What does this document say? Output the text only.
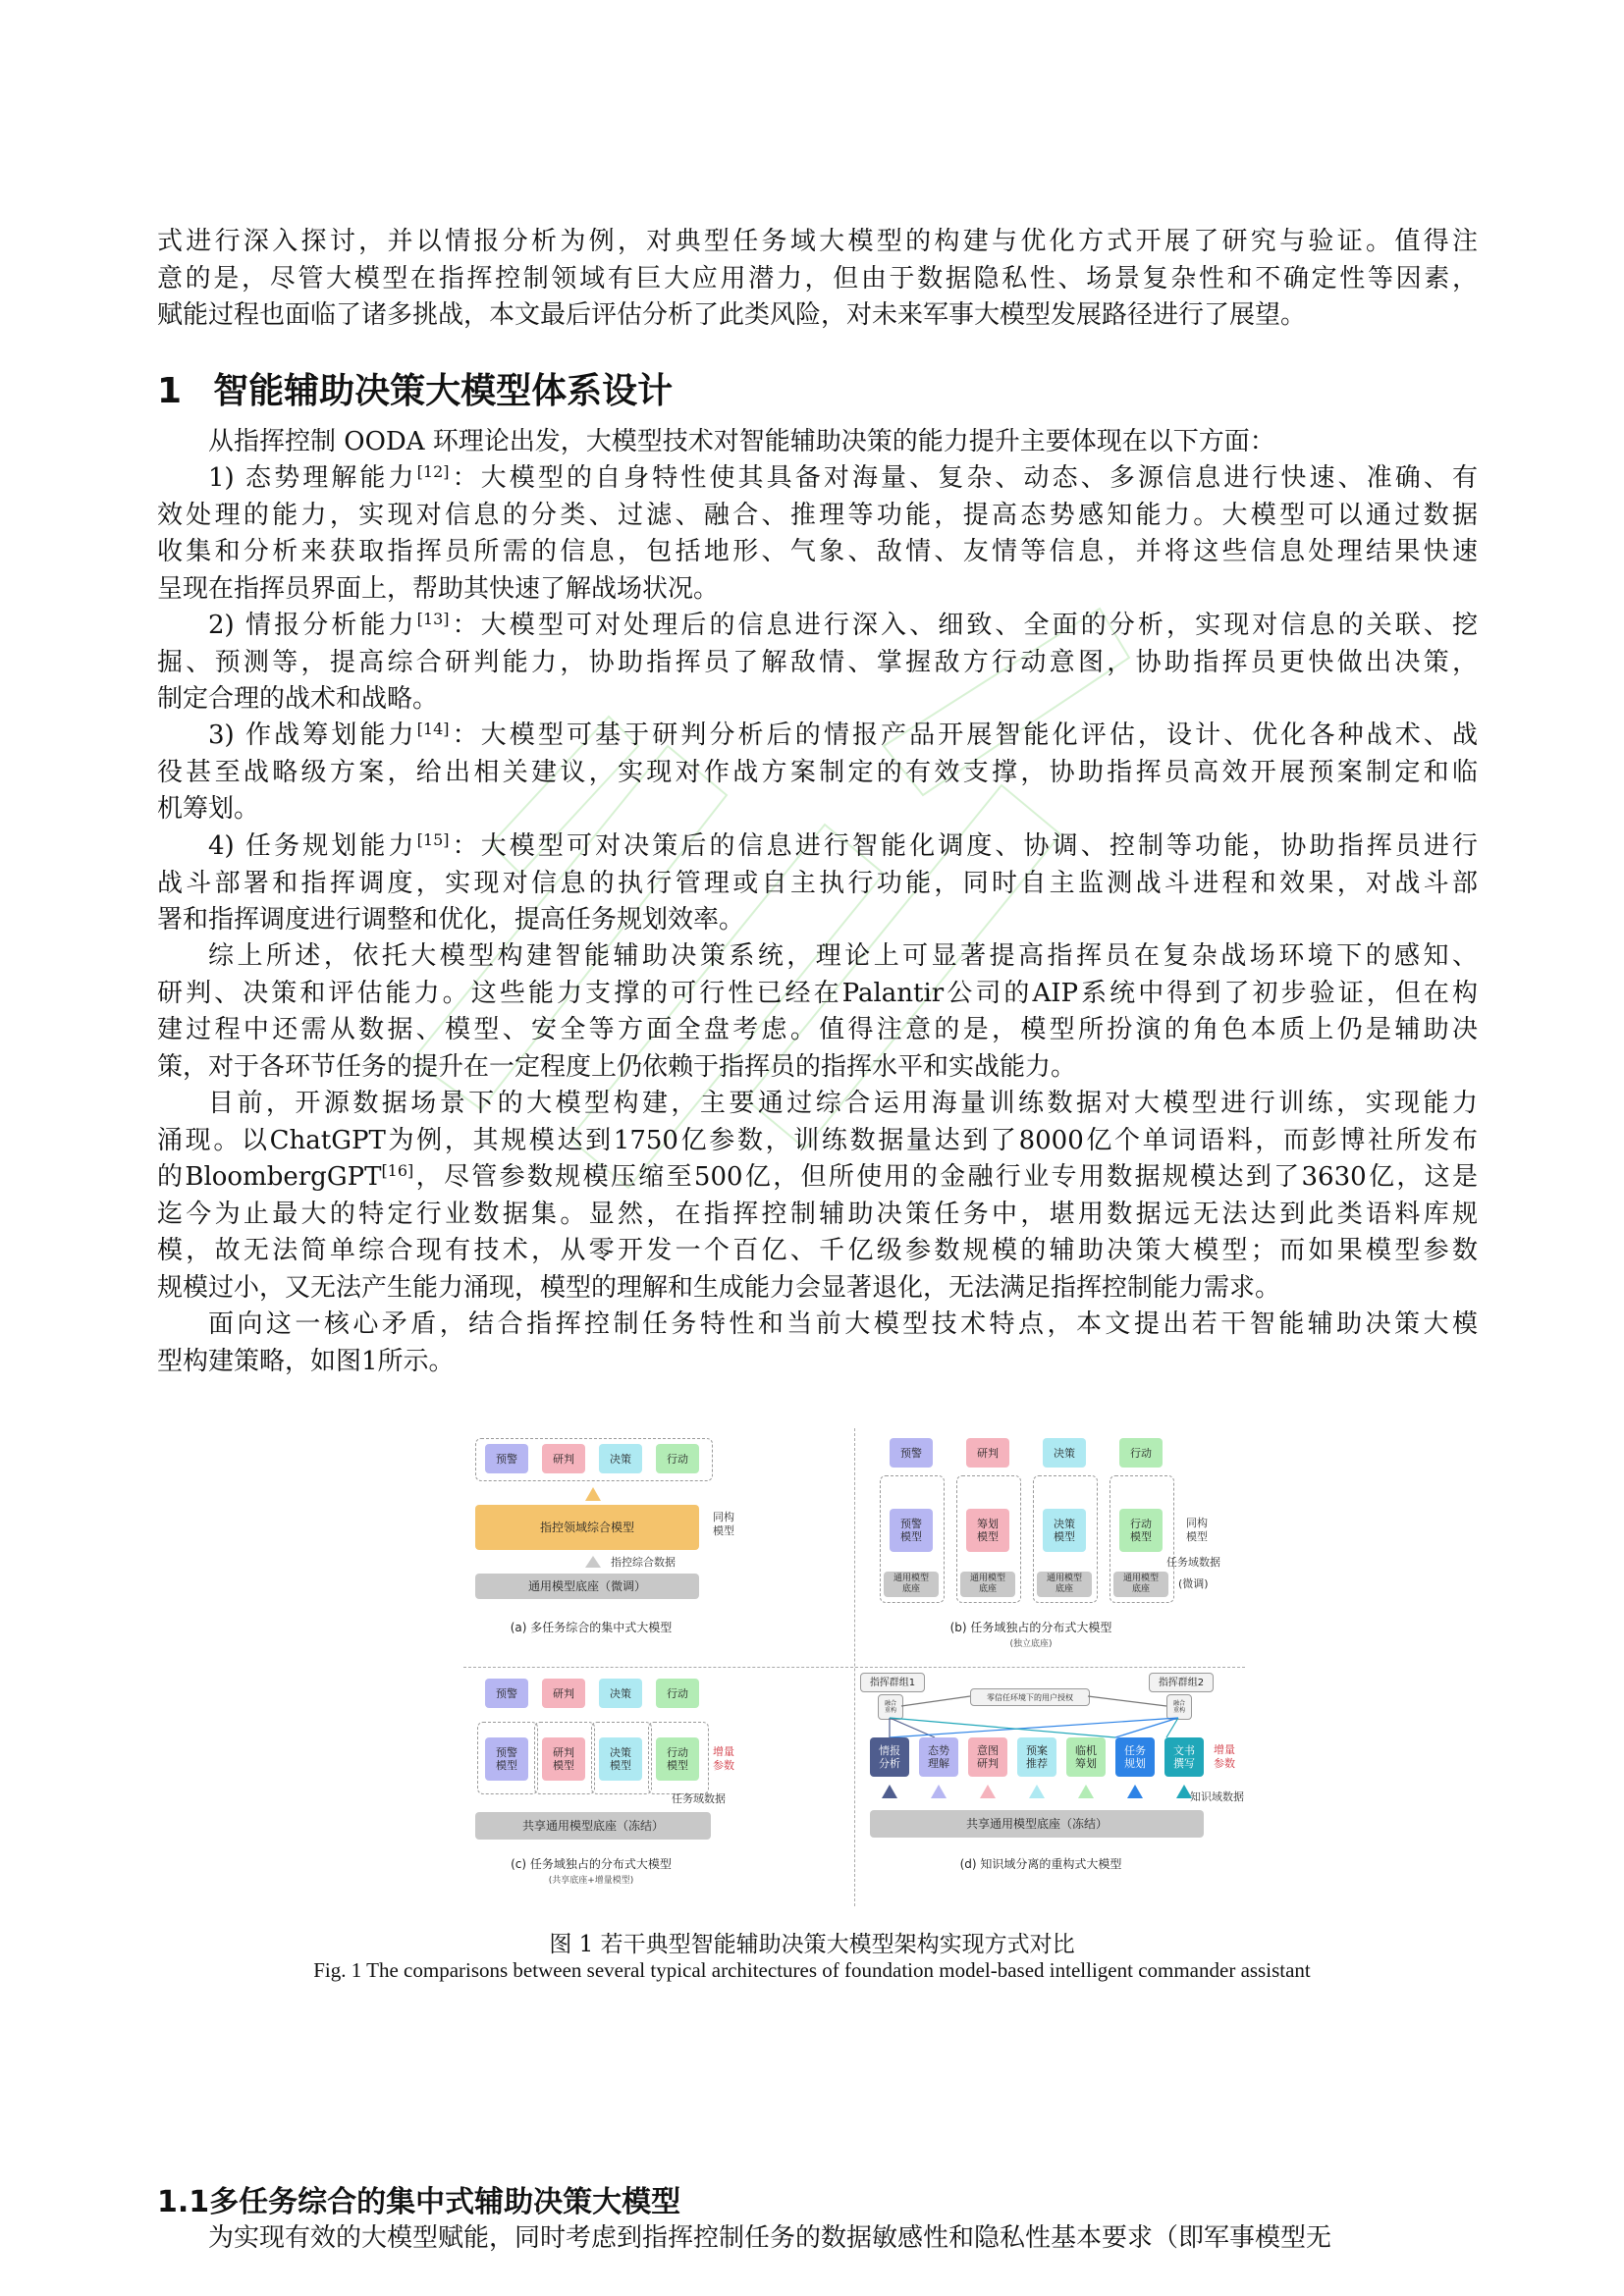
式进行深入探讨，并以情报分析为例，对典型任务域大模型的构建与优化方式开展了研究与验证。值得注
意的是，尽管大模型在指挥控制领域有巨大应用潜力，但由于数据隐私性、场景复杂性和不确定性等因素，
赋能过程也面临了诸多挑战，本文最后评估分析了此类风险，对未来军事大模型发展路径进行了展望。

1 智能辅助决策大模型体系设计

从指挥控制 OODA 环理论出发，大模型技术对智能辅助决策的能力提升主要体现在以下方面：

1) 态势理解能力[12]：大模型的自身特性使其具备对海量、复杂、动态、多源信息进行快速、准确、有
效处理的能力，实现对信息的分类、过滤、融合、推理等功能，提高态势感知能力。大模型可以通过数据
收集和分析来获取指挥员所需的信息，包括地形、气象、敌情、友情等信息，并将这些信息处理结果快速
呈现在指挥员界面上，帮助其快速了解战场状况。

2) 情报分析能力[13]：大模型可对处理后的信息进行深入、细致、全面的分析，实现对信息的关联、挖
掘、预测等，提高综合研判能力，协助指挥员了解敌情、掌握敌方行动意图，协助指挥员更快做出决策，
制定合理的战术和战略。

3) 作战筹划能力[14]：大模型可基于研判分析后的情报产品开展智能化评估，设计、优化各种战术、战
役甚至战略级方案，给出相关建议，实现对作战方案制定的有效支撑，协助指挥员高效开展预案制定和临
机筹划。

4) 任务规划能力[15]：大模型可对决策后的信息进行智能化调度、协调、控制等功能，协助指挥员进行
战斗部署和指挥调度，实现对信息的执行管理或自主执行功能，同时自主监测战斗进程和效果，对战斗部
署和指挥调度进行调整和优化，提高任务规划效率。

综上所述，依托大模型构建智能辅助决策系统，理论上可显著提高指挥员在复杂战场环境下的感知、
研判、决策和评估能力。这些能力支撑的可行性已经在Palantir公司的AIP系统中得到了初步验证，但在构
建过程中还需从数据、模型、安全等方面全盘考虑。值得注意的是，模型所扮演的角色本质上仍是辅助决
策，对于各环节任务的提升在一定程度上仍依赖于指挥员的指挥水平和实战能力。

目前，开源数据场景下的大模型构建，主要通过综合运用海量训练数据对大模型进行训练，实现能力
涌现。以ChatGPT为例，其规模达到1750亿参数，训练数据量达到了8000亿个单词语料，而彭博社所发布
的BloombergGPT[16]，尽管参数规模压缩至500亿，但所使用的金融行业专用数据规模达到了3630亿，这是
迄今为止最大的特定行业数据集。显然，在指挥控制辅助决策任务中，堪用数据远无法达到此类语料库规
模，故无法简单综合现有技术，从零开发一个百亿、千亿级参数规模的辅助决策大模型；而如果模型参数
规模过小，又无法产生能力涌现，模型的理解和生成能力会显著退化，无法满足指挥控制能力需求。

面向这一核心矛盾，结合指挥控制任务特性和当前大模型技术特点，本文提出若干智能辅助决策大模
型构建策略，如图1所示。

预警	研判	决策	行动
指控领域综合模型
同构
模型
指控综合数据
通用模型底座（微调）
(a) 多任务综合的集中式大模型
预警	研判	决策	行动
预警
模型
筹划
模型
决策
模型
行动
模型
同构
模型
任务域数据
通用模型
底座
通用模型
底座
通用模型
底座
通用模型
底座	(微调)
(b) 任务域独占的分布式大模型
(独立底座)
预警	研判	决策	行动
预警
模型
研判
模型
决策
模型
行动
模型
增量
参数
任务域数据
共享通用模型底座（冻结）
(c) 任务域独占的分布式大模型
(共享底座+增量模型)
指挥群组1	指挥群组2
零信任环境下的用户授权
融合
重构
融合
重构
情报
分析
态势
理解
意图
研判
预案
推荐
临机
筹划
任务
规划
文书
撰写
增量
参数
知识域数据
共享通用模型底座（冻结）
(d) 知识域分离的重构式大模型
图 1 若干典型智能辅助决策大模型架构实现方式对比
Fig. 1 The comparisons between several typical architectures of foundation model-based intelligent commander assistant
1.1多任务综合的集中式辅助决策大模型

为实现有效的大模型赋能，同时考虑到指挥控制任务的数据敏感性和隐私性基本要求（即军事模型无
